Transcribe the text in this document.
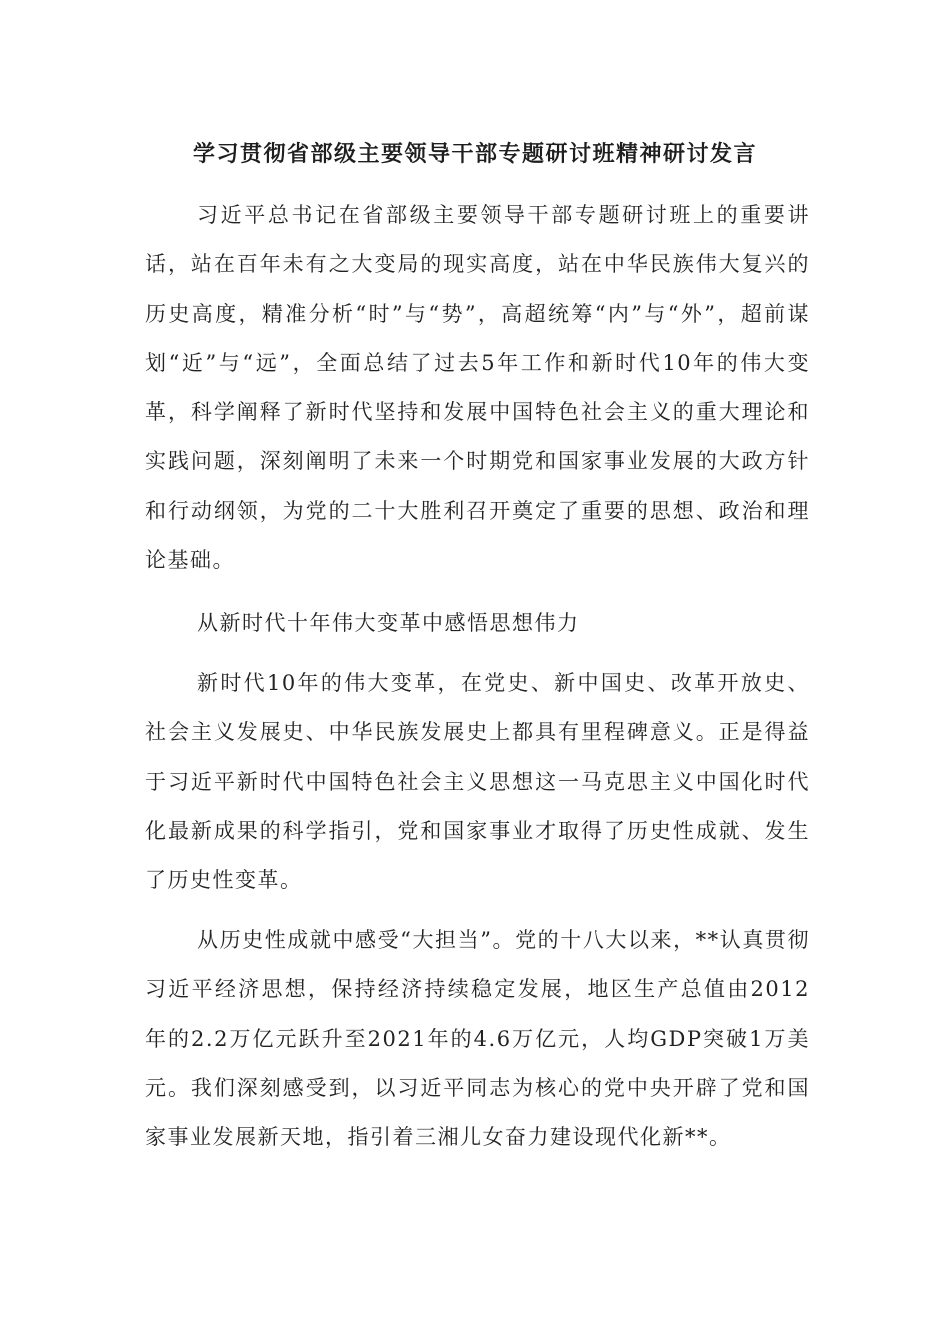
学习贯彻省部级主要领导干部专题研讨班精神研讨发言

习近平总书记在省部级主要领导干部专题研讨班上的重要讲话，站在百年未有之大变局的现实高度，站在中华民族伟大复兴的历史高度，精准分析“时”与“势”，高超统筹“内”与“外”，超前谋划“近”与“远”，全面总结了过去5年工作和新时代10年的伟大变革，科学阐释了新时代坚持和发展中国特色社会主义的重大理论和实践问题，深刻阐明了未来一个时期党和国家事业发展的大政方针和行动纲领，为党的二十大胜利召开奠定了重要的思想、政治和理论基础。

从新时代十年伟大变革中感悟思想伟力

新时代10年的伟大变革，在党史、新中国史、改革开放史、社会主义发展史、中华民族发展史上都具有里程碑意义。正是得益于习近平新时代中国特色社会主义思想这一马克思主义中国化时代化最新成果的科学指引，党和国家事业才取得了历史性成就、发生了历史性变革。

从历史性成就中感受“大担当”。党的十八大以来，**认真贯彻习近平经济思想，保持经济持续稳定发展，地区生产总值由2012年的2.2万亿元跃升至2021年的4.6万亿元，人均GDP突破1万美元。我们深刻感受到，以习近平同志为核心的党中央开辟了党和国家事业发展新天地，指引着三湘儿女奋力建设现代化新**。
